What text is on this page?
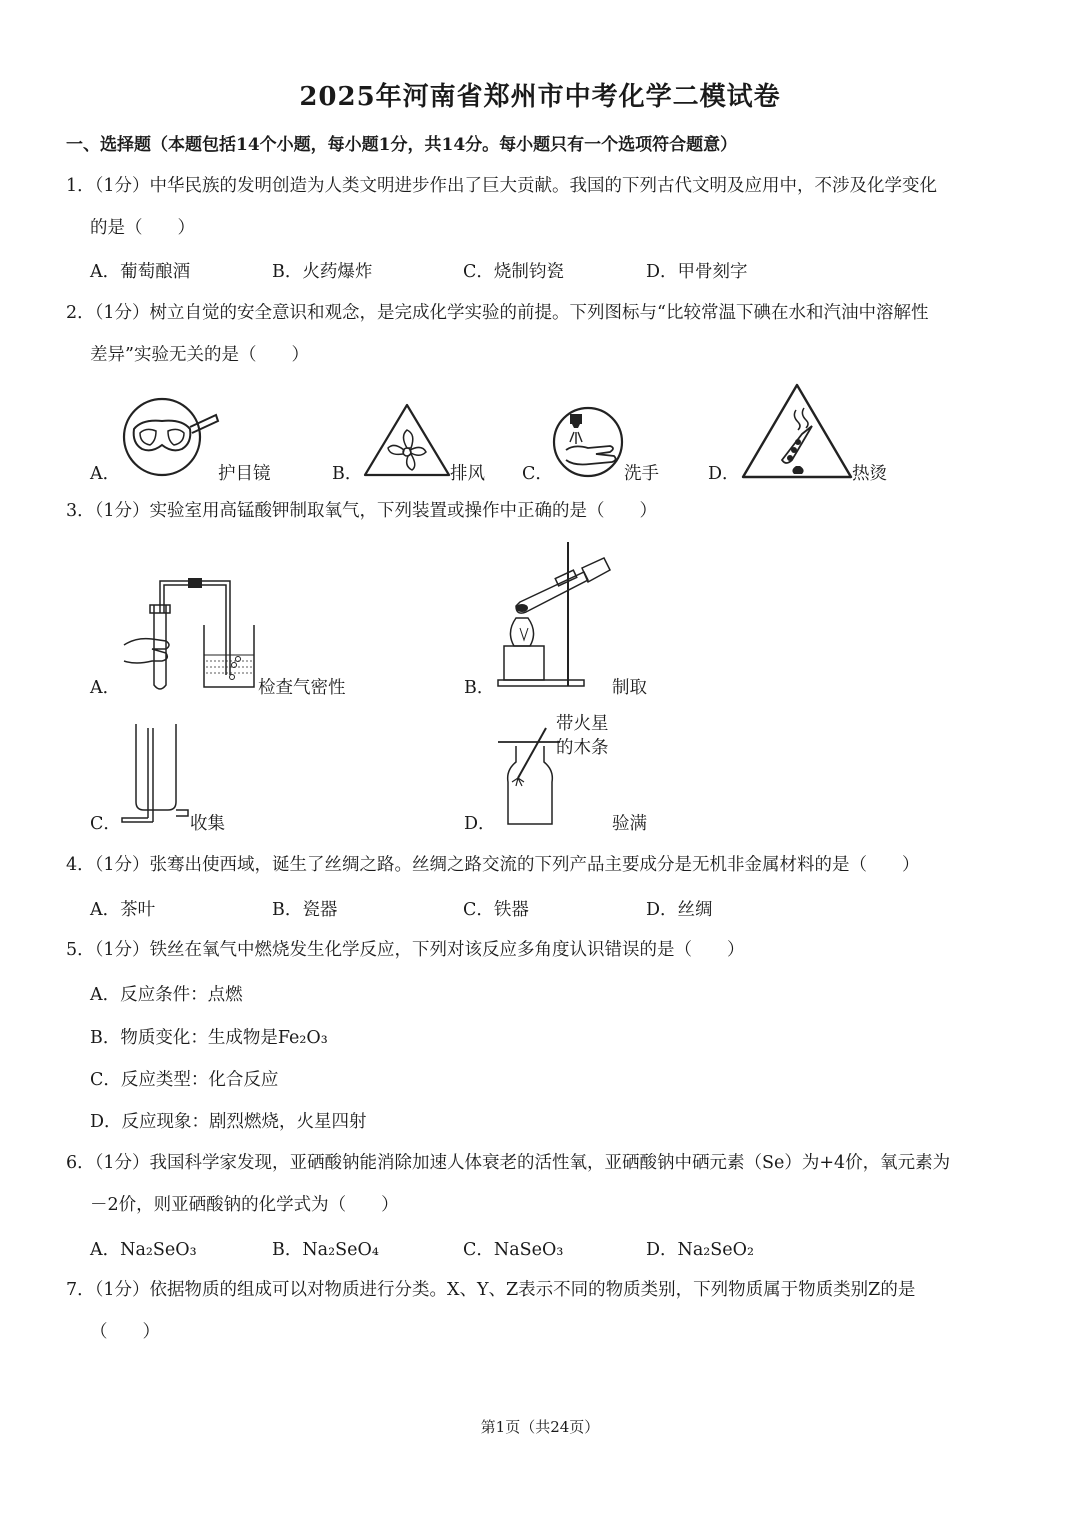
2025年河南省郑州市中考化学二模试卷
一、选择题（本题包括14个小题，每小题1分，共14分。每小题只有一个选项符合题意）
1．（1分）中华民族的发明创造为人类文明进步作出了巨大贡献。我国的下列古代文明及应用中，不涉及化学变化
的是（　　）
A．葡萄酿酒	B．火药爆炸	C．烧制钧瓷	D．甲骨刻字
2．（1分）树立自觉的安全意识和观念，是完成化学实验的前提。下列图标与“比较常温下碘在水和汽油中溶解性
差异”实验无关的是（　　）
A．	护目镜	B．	排风 C．	洗手	D．	热烫
3．（1分）实验室用高锰酸钾制取氧气，下列装置或操作中正确的是（　　）
A．	检查气密性	B．	制取
C．	收集	D．
带火星
的木条
验满
4．（1分）张骞出使西域，诞生了丝绸之路。丝绸之路交流的下列产品主要成分是无机非金属材料的是（　　）
A．茶叶	B．瓷器	C．铁器	D．丝绸
5．（1分）铁丝在氧气中燃烧发生化学反应，下列对该反应多角度认识错误的是（　　）
A．反应条件：点燃
B．物质变化：生成物是Fe₂O₃
C．反应类型：化合反应
D．反应现象：剧烈燃烧，火星四射
6．（1分）我国科学家发现，亚硒酸钠能消除加速人体衰老的活性氧，亚硒酸钠中硒元素（Se）为+4价，氧元素为
－2价，则亚硒酸钠的化学式为（　　）
A．Na₂SeO₃	B．Na₂SeO₄	C．NaSeO₃	D．Na₂SeO₂
7．（1分）依据物质的组成可以对物质进行分类。X、Y、Z表示不同的物质类别，下列物质属于物质类别Z的是
（　　）
第1页（共24页）
